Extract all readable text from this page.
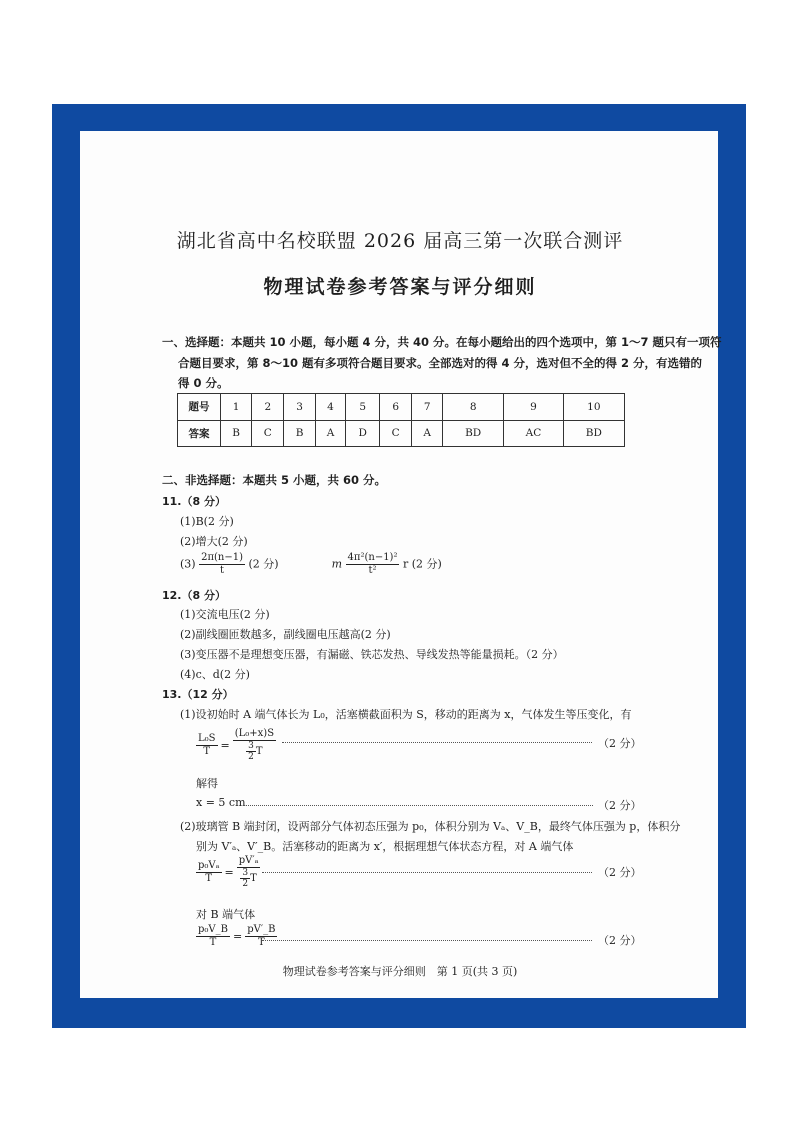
湖北省高中名校联盟 2026 届高三第一次联合测评
物理试卷参考答案与评分细则
一、选择题：本题共 10 小题，每小题 4 分，共 40 分。在每小题给出的四个选项中，第 1～7 题只有一项符
合题目要求，第 8～10 题有多项符合题目要求。全部选对的得 4 分，选对但不全的得 2 分，有选错的
得 0 分。
题号	1	2	3	4	5	6	7	8	9	10
答案	B	C	B	A	D	C	A	BD	AC	BD
二、非选择题：本题共 5 小题，共 60 分。
11.（8 分）
(1)B(2 分)
(2)增大(2 分)
$(3) \frac{2\pi(n-1)}{t} (2$ 分)	m $\frac{\text{4π²(n−1)²}}{\text{t²}}$ r (2 分)
12.（8 分）
(1)交流电压(2 分)
(2)副线圈匝数越多，副线圈电压越高(2 分)
(3)变压器不是理想变压器，有漏磁、铁芯发热、导线发热等能量损耗。（2 分）
(4)c、d(2 分)
13.（12 分）
(1)设初始时 A 端气体长为 L₀，活塞横截面积为 S，移动的距离为 x，气体发生等压变化，有
$\frac{\text{L₀S}}{T} = \frac{\text{(L₀+x)S}}{\frac{3}{2} T}$	（2 分）
解得
x = 5 cm	（2 分）
(2)玻璃管 B 端封闭，设两部分气体初态压强为 p₀，体积分别为 Vₐ、V_B，最终气体压强为 p，体积分
别为 V′ₐ、V′_B。活塞移动的距离为 x′，根据理想气体状态方程，对 A 端气体
$\frac{\text{p₀Vₐ}}{T} = \frac{\text{pV′ₐ}}{\frac{3}{2} T}$	（2 分）
对 B 端气体
$\frac{\text{p₀V\_B}}{T} = \frac{pV'\_B}{T}$	（2 分）
物理试卷参考答案与评分细则　第 1 页(共 3 页)
